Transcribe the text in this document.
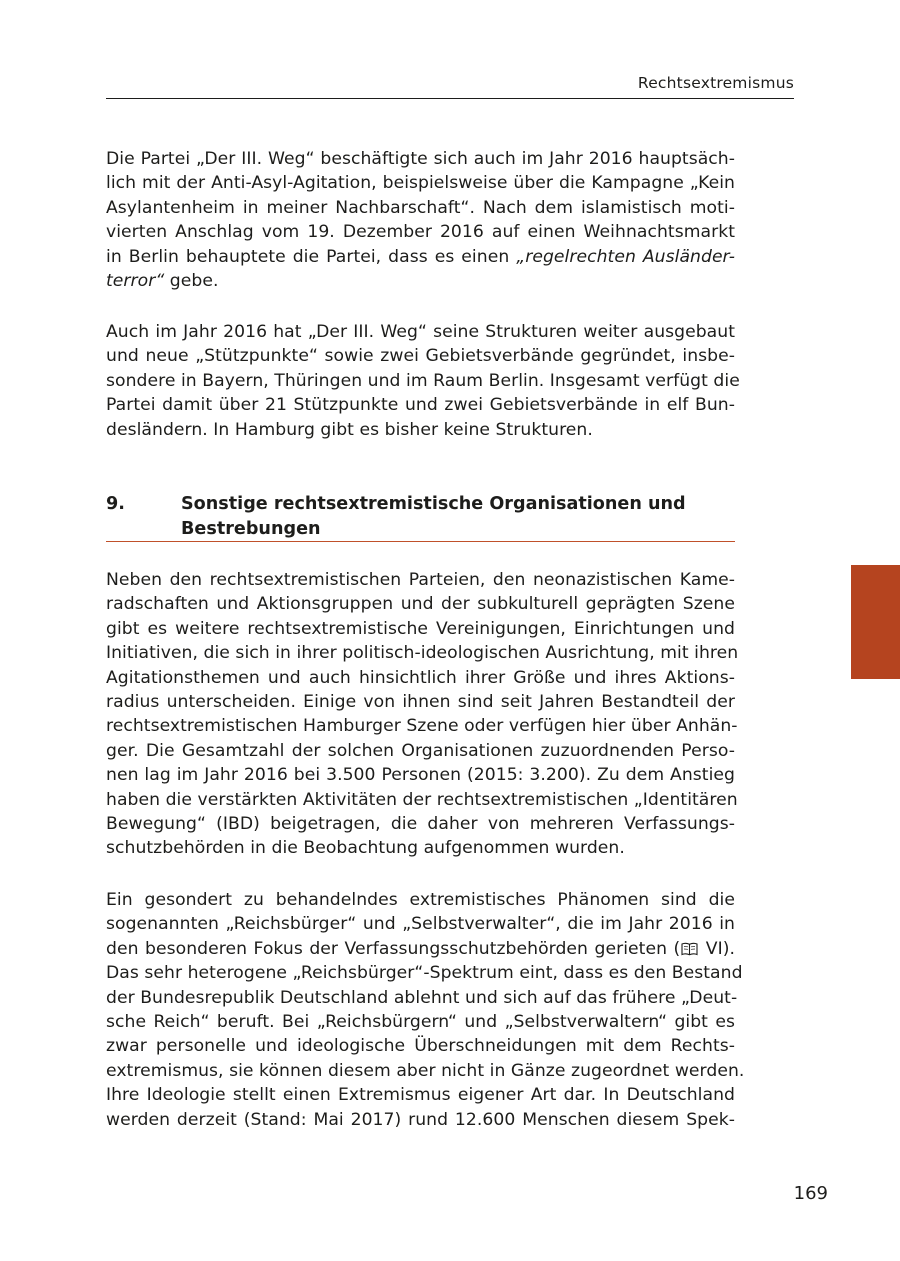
Rechtsextremismus

Die Partei „Der III. Weg“ beschäftigte sich auch im Jahr 2016 hauptsäch-
lich mit der Anti-Asyl-Agitation, beispielsweise über die Kampagne „Kein
Asylantenheim in meiner Nachbarschaft“. Nach dem islamistisch moti-
vierten Anschlag vom 19. Dezember 2016 auf einen Weihnachtsmarkt
in Berlin behauptete die Partei, dass es einen „regelrechten Ausländer-
terror“ gebe.

Auch im Jahr 2016 hat „Der III. Weg“ seine Strukturen weiter ausgebaut
und neue „Stützpunkte“ sowie zwei Gebietsverbände gegründet, insbe-
sondere in Bayern, Thüringen und im Raum Berlin. Insgesamt verfügt die
Partei damit über 21 Stützpunkte und zwei Gebietsverbände in elf Bun-
desländern. In Hamburg gibt es bisher keine Strukturen.

9.	Sonstige rechtsextremistische Organisationen und
Bestrebungen

Neben den rechtsextremistischen Parteien, den neonazistischen Kame-
radschaften und Aktionsgruppen und der subkulturell geprägten Szene
gibt es weitere rechtsextremistische Vereinigungen, Einrichtungen und
Initiativen, die sich in ihrer politisch-ideologischen Ausrichtung, mit ihren
Agitationsthemen und auch hinsichtlich ihrer Größe und ihres Aktions-
radius unterscheiden. Einige von ihnen sind seit Jahren Bestandteil der
rechtsextremistischen Hamburger Szene oder verfügen hier über Anhän-
ger. Die Gesamtzahl der solchen Organisationen zuzuordnenden Perso-
nen lag im Jahr 2016 bei 3.500 Personen (2015: 3.200). Zu dem Anstieg
haben die verstärkten Aktivitäten der rechtsextremistischen „Identitären
Bewegung“ (IBD) beigetragen, die daher von mehreren Verfassungs-
schutzbehörden in die Beobachtung aufgenommen wurden.

Ein gesondert zu behandelndes extremistisches Phänomen sind die
sogenannten „Reichsbürger“ und „Selbstverwalter“, die im Jahr 2016 in
den besonderen Fokus der Verfassungsschutzbehörden gerieten ( VI).
Das sehr heterogene „Reichsbürger“-Spektrum eint, dass es den Bestand
der Bundesrepublik Deutschland ablehnt und sich auf das frühere „Deut-
sche Reich“ beruft. Bei „Reichsbürgern“ und „Selbstverwaltern“ gibt es
zwar personelle und ideologische Überschneidungen mit dem Rechts-
extremismus, sie können diesem aber nicht in Gänze zugeordnet werden.
Ihre Ideologie stellt einen Extremismus eigener Art dar. In Deutschland
werden derzeit (Stand: Mai 2017) rund 12.600 Menschen diesem Spek-

169
